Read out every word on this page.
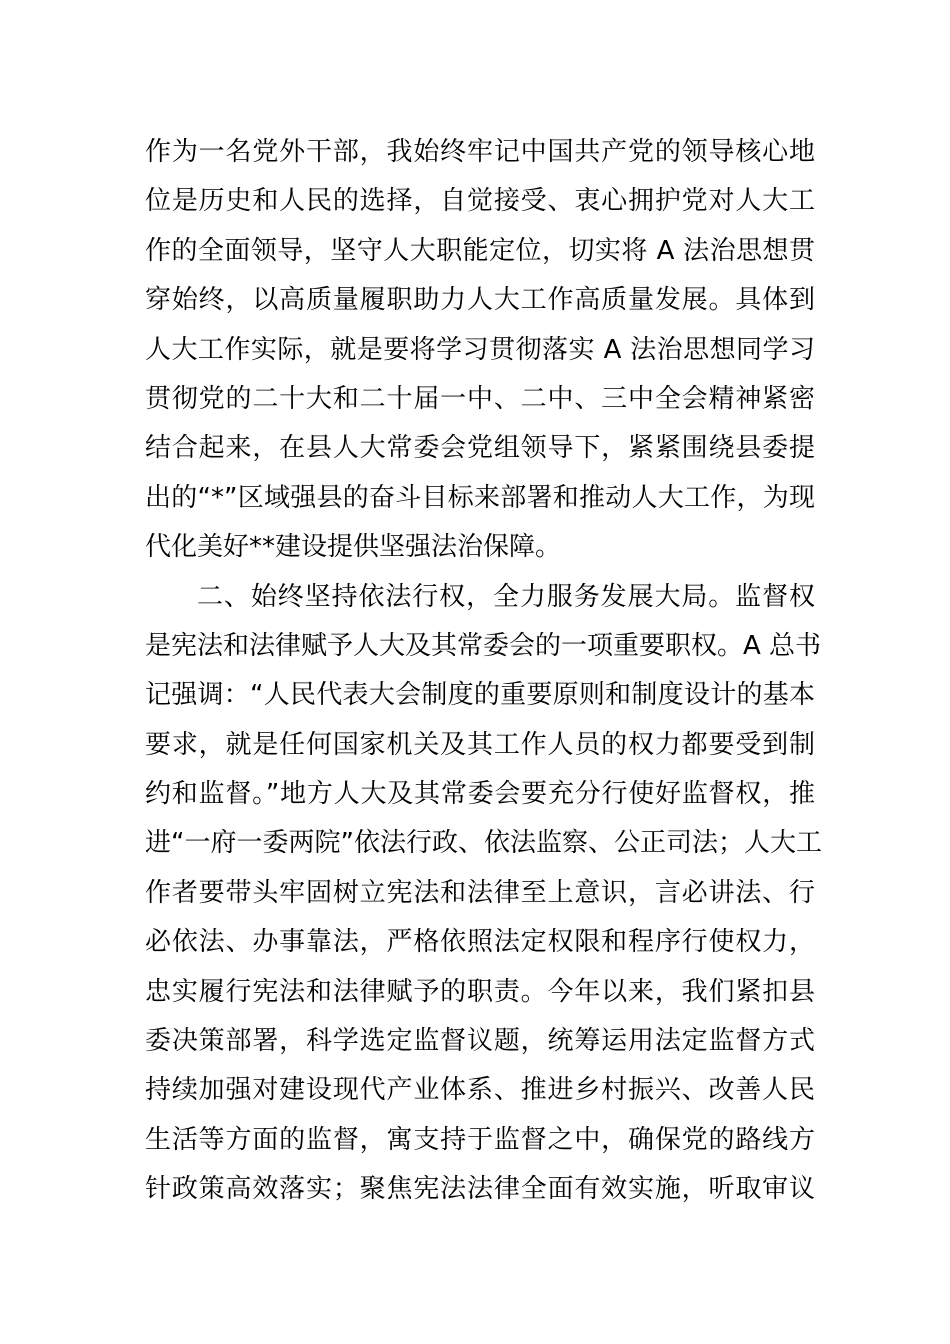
作为一名党外干部，我始终牢记中国共产党的领导核心地
位是历史和人民的选择，自觉接受、衷心拥护党对人大工
作的全面领导，坚守人大职能定位，切实将 A 法治思想贯
穿始终，以高质量履职助力人大工作高质量发展。具体到
人大工作实际，就是要将学习贯彻落实 A 法治思想同学习
贯彻党的二十大和二十届一中、二中、三中全会精神紧密
结合起来，在县人大常委会党组领导下，紧紧围绕县委提
出的“*”区域强县的奋斗目标来部署和推动人大工作，为现
代化美好**建设提供坚强法治保障。
二、始终坚持依法行权，全力服务发展大局。监督权
是宪法和法律赋予人大及其常委会的一项重要职权。A 总书
记强调：“人民代表大会制度的重要原则和制度设计的基本
要求，就是任何国家机关及其工作人员的权力都要受到制
约和监督。”地方人大及其常委会要充分行使好监督权，推
进“一府一委两院”依法行政、依法监察、公正司法；人大工
作者要带头牢固树立宪法和法律至上意识，言必讲法、行
必依法、办事靠法，严格依照法定权限和程序行使权力，
忠实履行宪法和法律赋予的职责。今年以来，我们紧扣县
委决策部署，科学选定监督议题，统筹运用法定监督方式
持续加强对建设现代产业体系、推进乡村振兴、改善人民
生活等方面的监督，寓支持于监督之中，确保党的路线方
针政策高效落实；聚焦宪法法律全面有效实施，听取审议
